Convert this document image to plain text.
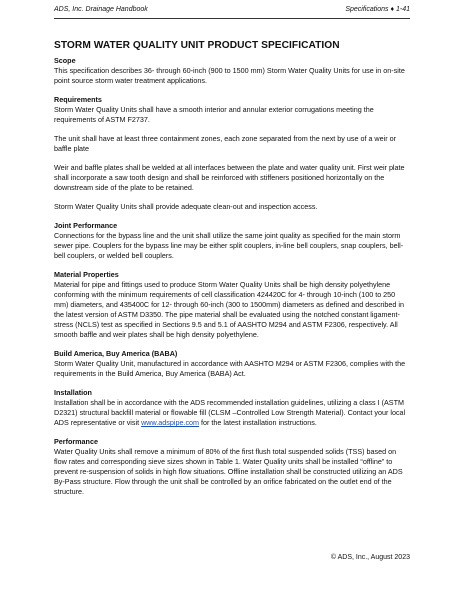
ADS, Inc. Drainage Handbook	Specifications ♦ 1-41
STORM WATER QUALITY UNIT PRODUCT SPECIFICATION
Scope

This specification describes 36- through 60-inch (900 to 1500 mm) Storm Water Quality Units for use in on-site point source storm water treatment applications.

Requirements

Storm Water Quality Units shall have a smooth interior and annular exterior corrugations meeting the requirements of ASTM F2737.

The unit shall have at least three containment zones, each zone separated from the next by use of a weir or baffle plate

Weir and baffle plates shall be welded at all interfaces between the plate and water quality unit. First weir plate shall incorporate a saw tooth design and shall be reinforced with stiffeners positioned horizontally on the downstream side of the plate to be retained.

Storm Water Quality Units shall provide adequate clean-out and inspection access.

Joint Performance

Connections for the bypass line and the unit shall utilize the same joint quality as specified for the main storm sewer pipe. Couplers for the bypass line may be either split couplers, in-line bell couplers, snap couplers, bell-bell couplers, or welded bell couplers.

Material Properties

Material for pipe and fittings used to produce Storm Water Quality Units shall be high density polyethylene conforming with the minimum requirements of cell classification 424420C for 4- through 10-inch (100 to 250 mm) diameters, and 435400C for 12- through 60-inch (300 to 1500mm) diameters as defined and described in the latest version of ASTM D3350. The pipe material shall be evaluated using the notched constant ligament-stress (NCLS) test as specified in Sections 9.5 and 5.1 of AASHTO M294 and ASTM F2306, respectively. All smooth baffle and weir plates shall be high density polyethylene.

Build America, Buy America (BABA)

Storm Water Quality Unit, manufactured in accordance with AASHTO M294 or ASTM F2306, complies with the requirements in the Build America, Buy America (BABA) Act.

Installation

Installation shall be in accordance with the ADS recommended installation guidelines, utilizing a class I (ASTM D2321) structural backfill material or flowable fill (CLSM –Controlled Low Strength Material). Contact your local ADS representative or visit www.adspipe.com for the latest installation instructions.

Performance

Water Quality Units shall remove a minimum of 80% of the first flush total suspended solids (TSS) based on flow rates and corresponding sieve sizes shown in Table 1. Water Quality units shall be installed “offline” to prevent re-suspension of solids in high flow situations. Offline installation shall be constructed utilizing an ADS By-Pass structure. Flow through the unit shall be controlled by an orifice fabricated on the outlet end of the structure.

© ADS, Inc., August 2023
